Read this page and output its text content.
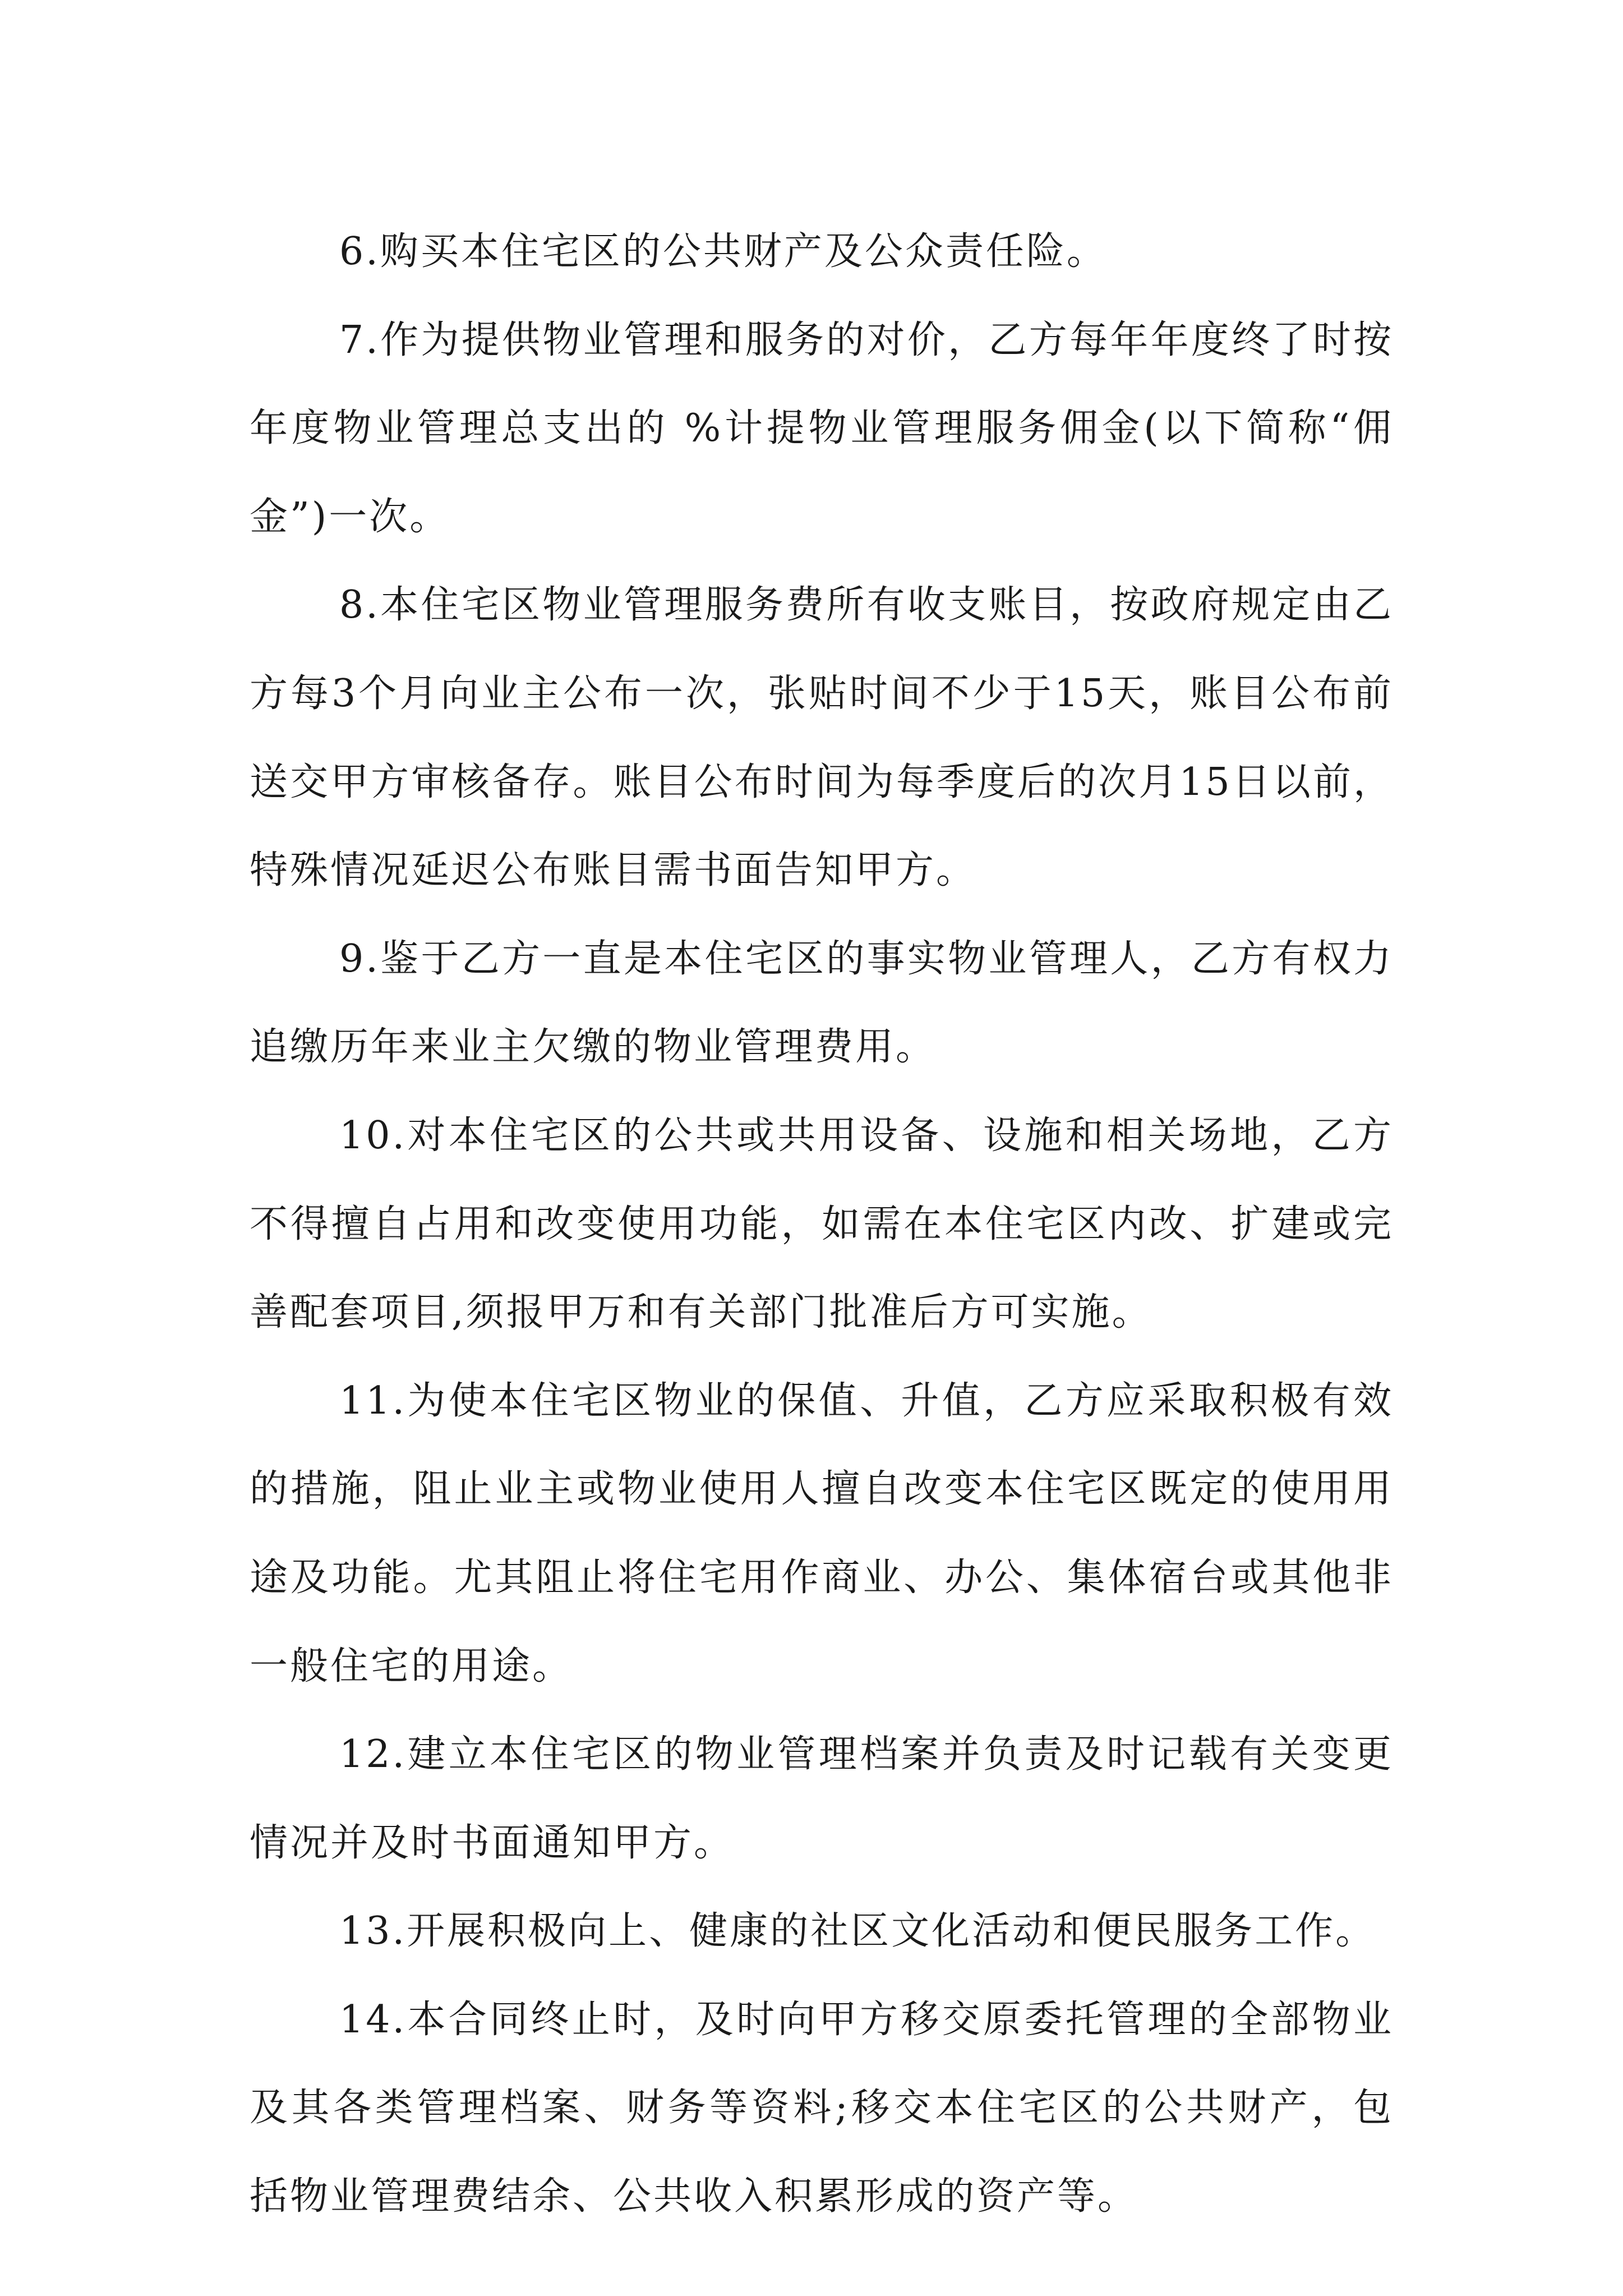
6.购买本住宅区的公共财产及公众责任险。

7.作为提供物业管理和服务的对价，乙方每年年度终了时按年度物业管理总支出的 %计提物业管理服务佣金(以下简称“佣金”)一次。

8.本住宅区物业管理服务费所有收支账目，按政府规定由乙方每3个月向业主公布一次，张贴时间不少于15天，账目公布前送交甲方审核备存。账目公布时间为每季度后的次月15日以前，特殊情况延迟公布账目需书面告知甲方。

9.鉴于乙方一直是本住宅区的事实物业管理人，乙方有权力追缴历年来业主欠缴的物业管理费用。

10.对本住宅区的公共或共用设备、设施和相关场地，乙方不得擅自占用和改变使用功能，如需在本住宅区内改、扩建或完善配套项目,须报甲万和有关部门批准后方可实施。

11.为使本住宅区物业的保值、升值，乙方应采取积极有效的措施，阻止业主或物业使用人擅自改变本住宅区既定的使用用途及功能。尤其阻止将住宅用作商业、办公、集体宿台或其他非一般住宅的用途。

12.建立本住宅区的物业管理档案并负责及时记载有关变更情况并及时书面通知甲方。

13.开展积极向上、健康的社区文化活动和便民服务工作。

14.本合同终止时，及时向甲方移交原委托管理的全部物业及其各类管理档案、财务等资料;移交本住宅区的公共财产，包括物业管理费结余、公共收入积累形成的资产等。
